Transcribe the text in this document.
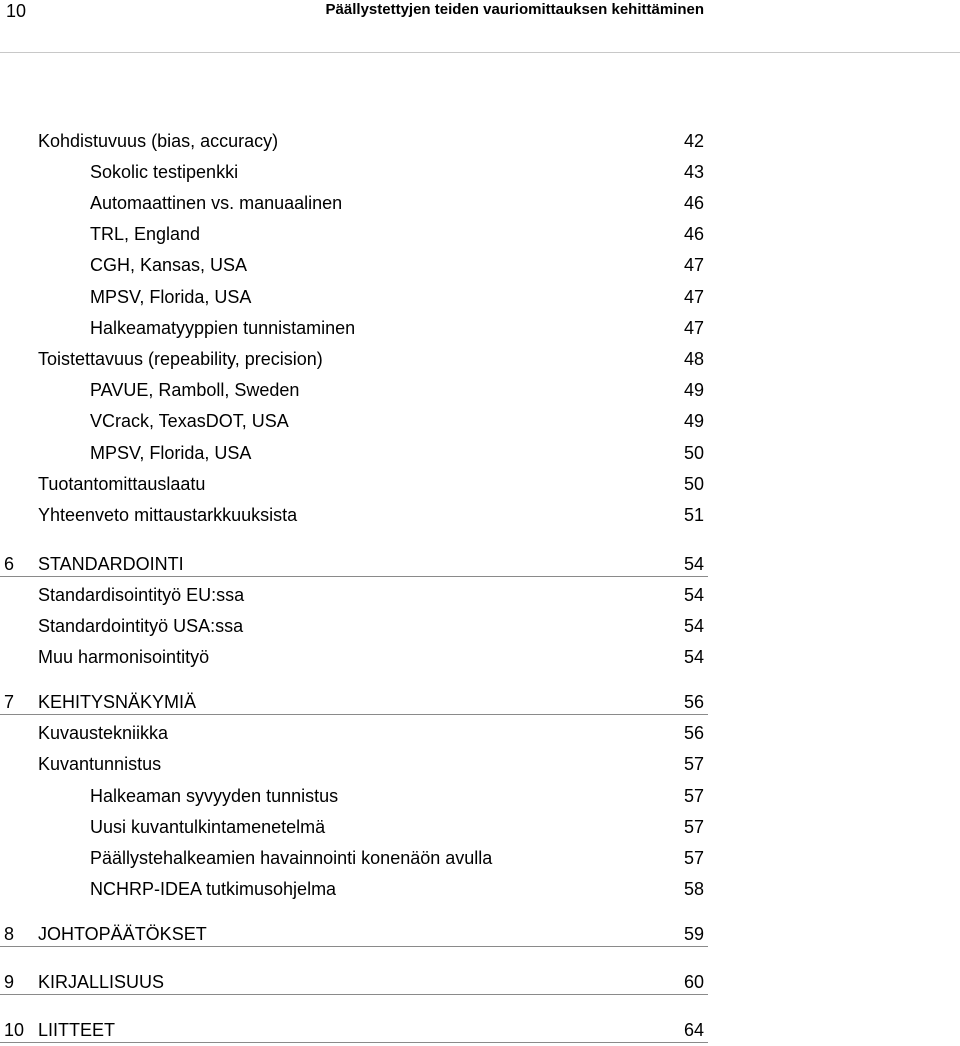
10	Päällystettyjen teiden vauriomittauksen kehittäminen
Kohdistuvuus (bias, accuracy)	42
Sokolic testipenkki	43
Automaattinen vs. manuaalinen	46
TRL, England	46
CGH, Kansas, USA	47
MPSV, Florida, USA	47
Halkeamatyyppien tunnistaminen	47
Toistettavuus (repeability, precision)	48
PAVUE, Ramboll, Sweden	49
VCrack, TexasDOT, USA	49
MPSV, Florida, USA	50
Tuotantomittauslaatu	50
Yhteenveto mittaustarkkuuksista	51
6 STANDARDOINTI	54
Standardisointityö EU:ssa	54
Standardointityö USA:ssa	54
Muu harmonisointityö	54
7 KEHITYSNÄKYMIÄ	56
Kuvaustekniikka	56
Kuvantunnistus	57
Halkeaman syvyyden tunnistus	57
Uusi kuvantulkintamenetelmä	57
Päällystehalkeamien havainnointi konenäön avulla	57
NCHRP-IDEA tutkimusohjelma	58
8 JOHTOPÄÄTÖKSET	59
9 KIRJALLISUUS	60
10 LIITTEET	64
